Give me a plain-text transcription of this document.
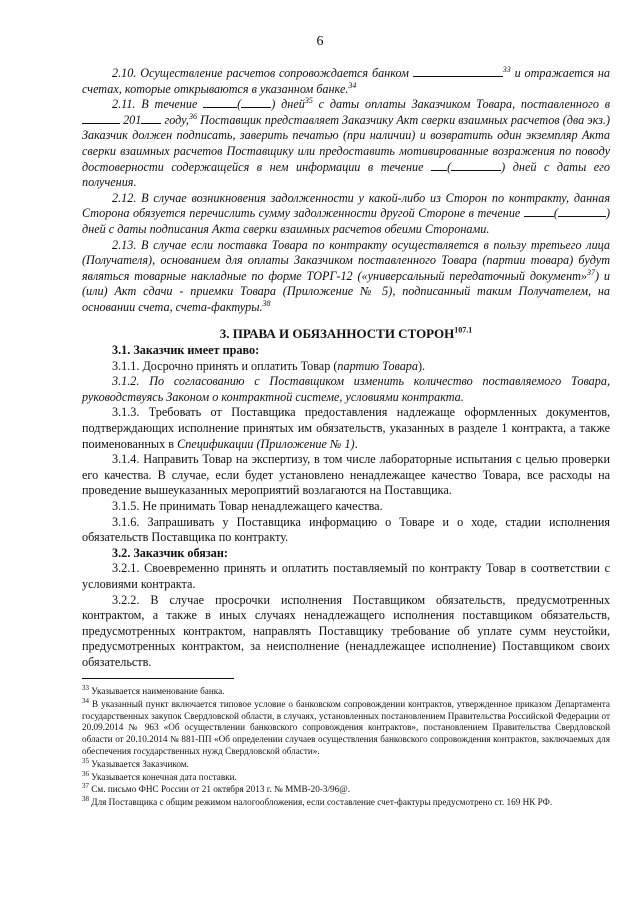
6

2.10. Осуществление расчетов сопровождается банком	$^{33}$ и отражается на счетах, которые открываются в указанном банке.$^{34}$

2.11. В течение	( ) дней$^{35}$ с даты оплаты Заказчиком Товара, поставленного в  201 году,$^{36}$ Поставщик представляет Заказчику Акт сверки взаимных расчетов (два экз.) Заказчик должен подписать, заверить печатью (при наличии) и возвратить один экземпляр Акта сверки взаимных расчетов Поставщику или предоставить мотивированные возражения по поводу достоверности содержащейся в нем информации в течение (	) дней с даты его получения.

2.12. В случае возникновения задолженности у какой-либо из Сторон по контракту, данная Сторона обязуется перечислить сумму задолженности другой Стороне в течение	(	) дней с даты подписания Акта сверки взаимных расчетов обеими Сторонами.

2.13. В случае если поставка Товара по контракту осуществляется в пользу третьего лица (Получателя), основанием для оплаты Заказчиком поставленного Товара (партии товара) будут являться товарные накладные по форме ТОРГ-12 («универсальный передаточный документ»$^{37}$) и (или) Акт сдачи - приемки Товара (Приложение № 5), подписанный таким Получателем, на основании счета, счета-фактуры.$^{38}$

3. ПРАВА И ОБЯЗАННОСТИ $СТОРОН^{107.1}$

3.1. Заказчик имеет право:

3.1.1. Досрочно принять и оплатить Товар (партию Товара).

3.1.2. По согласованию с Поставщиком изменить количество поставляемого Товара, руководствуясь Законом о контрактной системе, условиями контракта.

3.1.3. Требовать от Поставщика предоставления надлежаще оформленных документов, подтверждающих исполнение принятых им обязательств, указанных в разделе 1 контракта, а также поименованных в Спецификации (Приложение № 1).

3.1.4. Направить Товар на экспертизу, в том числе лабораторные испытания с целью проверки его качества. В случае, если будет установлено ненадлежащее качество Товара, все расходы на проведение вышеуказанных мероприятий возлагаются на Поставщика.

3.1.5. Не принимать Товар ненадлежащего качества.

3.1.6. Запрашивать у Поставщика информацию о Товаре и о ходе, стадии исполнения обязательств Поставщика по контракту.

3.2. Заказчик обязан:

3.2.1. Своевременно принять и оплатить поставляемый по контракту Товар в соответствии с условиями контракта.

3.2.2. В случае просрочки исполнения Поставщиком обязательств, предусмотренных контрактом, а также в иных случаях ненадлежащего исполнения поставщиком обязательств, предусмотренных контрактом, направлять Поставщику требование об уплате сумм неустойки, предусмотренных контрактом, за неисполнение (ненадлежащее исполнение) Поставщиком своих обязательств.

$^{33}$ Указывается наименование банка.

$^{34}$ В указанный пункт включается типовое условие о банковском сопровождении контрактов, утвержденное приказом Департамента государственных закупок Свердловской области, в случаях, установленных постановлением Правительства Российской Федерации от 20.09.2014 № 963 «Об осуществлении банковского сопровождения контрактов», постановлением Правительства Свердловской области от 20.10.2014 № 881-ПП «Об определении случаев осуществления банковского сопровождения контрактов, заключаемых для обеспечения государственных нужд Свердловской области».

$^{35}$ Указывается Заказчиком.

$^{36}$ Указывается конечная дата поставки.

$^{37}$ См. письмо ФНС России от 21 октября 2013 г. № ММВ-20-3/96@.

$^{38}$ Для Поставщика с общим режимом налогообложения, если составление счет-фактуры предусмотрено ст. 169 НК РФ.
